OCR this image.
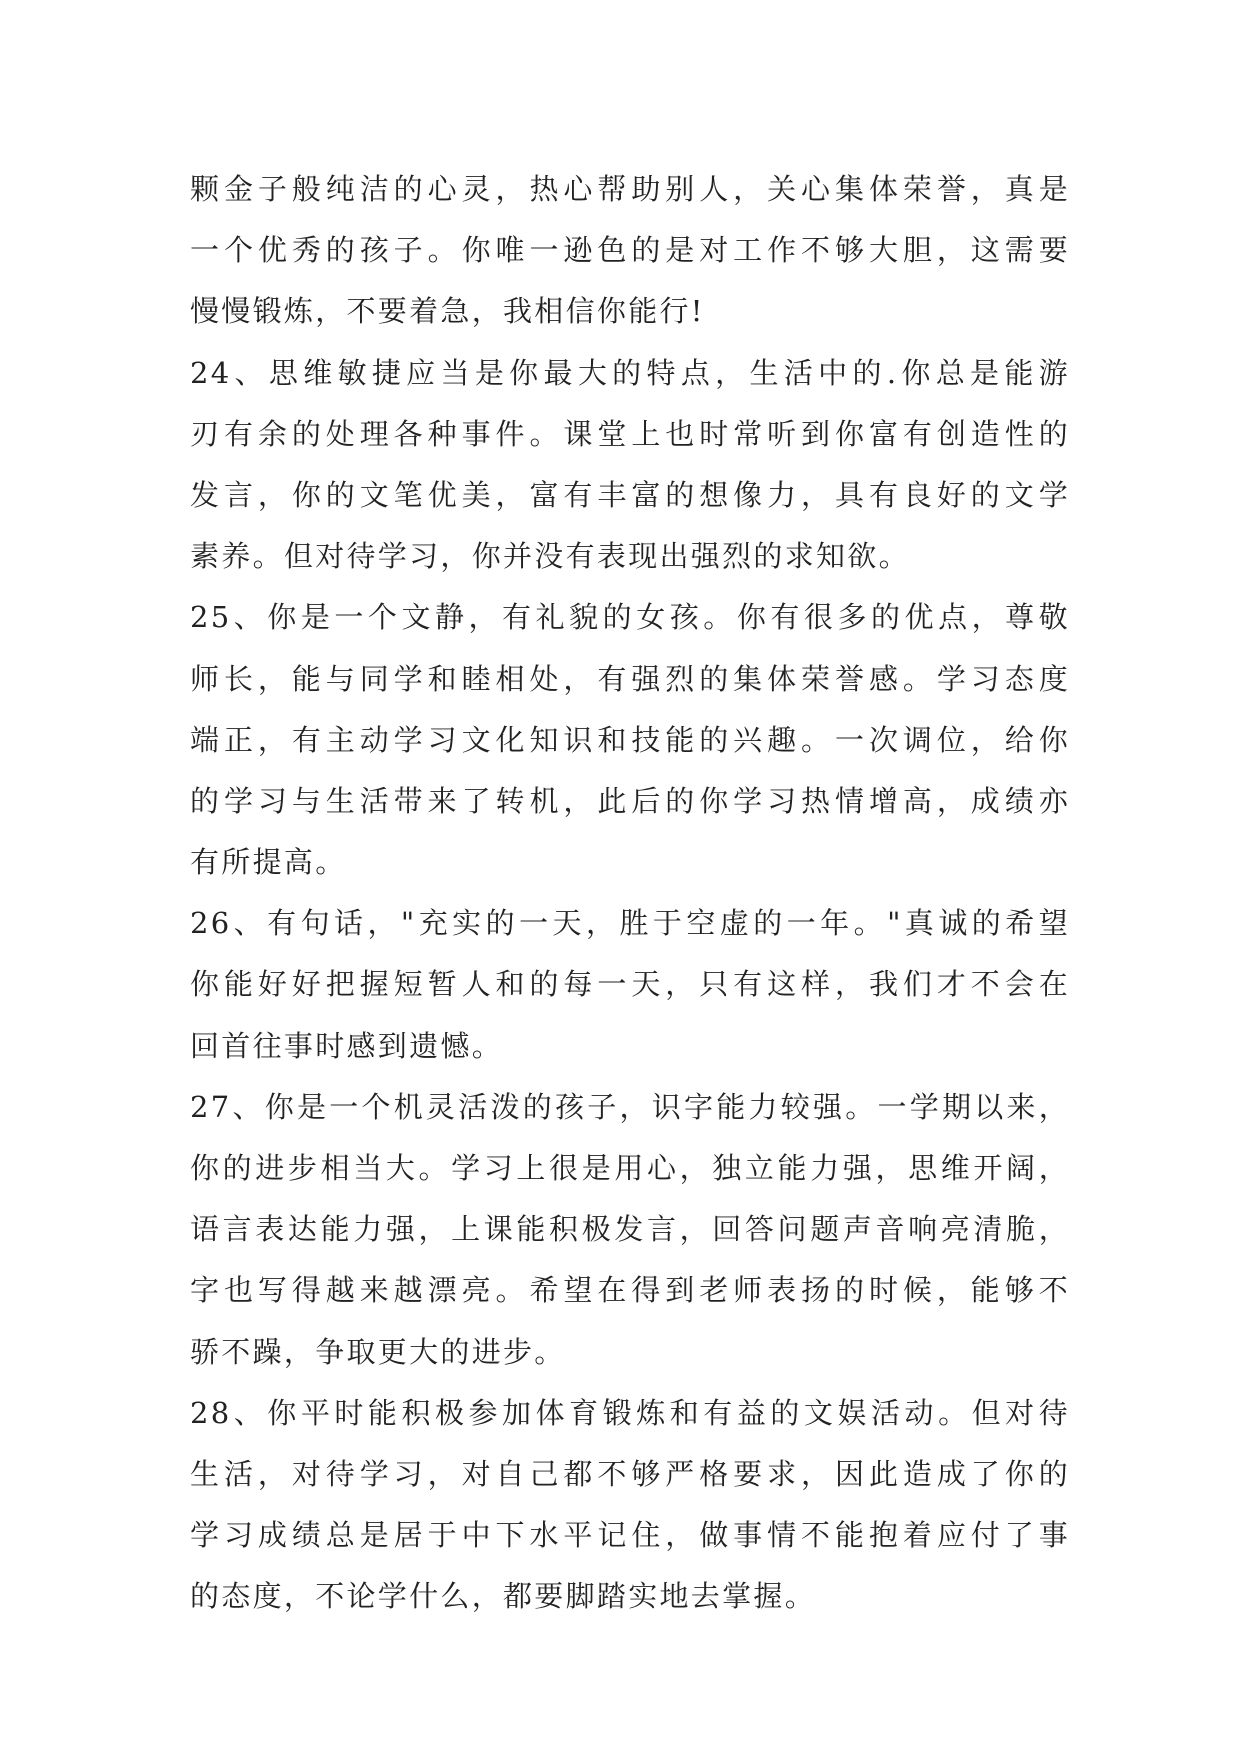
颗金子般纯洁的心灵，热心帮助别人，关心集体荣誉，真是
一个优秀的孩子。你唯一逊色的是对工作不够大胆，这需要
慢慢锻炼，不要着急，我相信你能行!
24、思维敏捷应当是你最大的特点，生活中的.你总是能游
刃有余的处理各种事件。课堂上也时常听到你富有创造性的
发言，你的文笔优美，富有丰富的想像力，具有良好的文学
素养。但对待学习，你并没有表现出强烈的求知欲。
25、你是一个文静，有礼貌的女孩。你有很多的优点，尊敬
师长，能与同学和睦相处，有强烈的集体荣誉感。学习态度
端正，有主动学习文化知识和技能的兴趣。一次调位，给你
的学习与生活带来了转机，此后的你学习热情增高，成绩亦
有所提高。
26、有句话，"充实的一天，胜于空虚的一年。"真诚的希望
你能好好把握短暂人和的每一天，只有这样，我们才不会在
回首往事时感到遗憾。
27、你是一个机灵活泼的孩子，识字能力较强。一学期以来，
你的进步相当大。学习上很是用心，独立能力强，思维开阔，
语言表达能力强，上课能积极发言，回答问题声音响亮清脆，
字也写得越来越漂亮。希望在得到老师表扬的时候，能够不
骄不躁，争取更大的进步。
28、你平时能积极参加体育锻炼和有益的文娱活动。但对待
生活，对待学习，对自己都不够严格要求，因此造成了你的
学习成绩总是居于中下水平记住，做事情不能抱着应付了事
的态度，不论学什么，都要脚踏实地去掌握。
